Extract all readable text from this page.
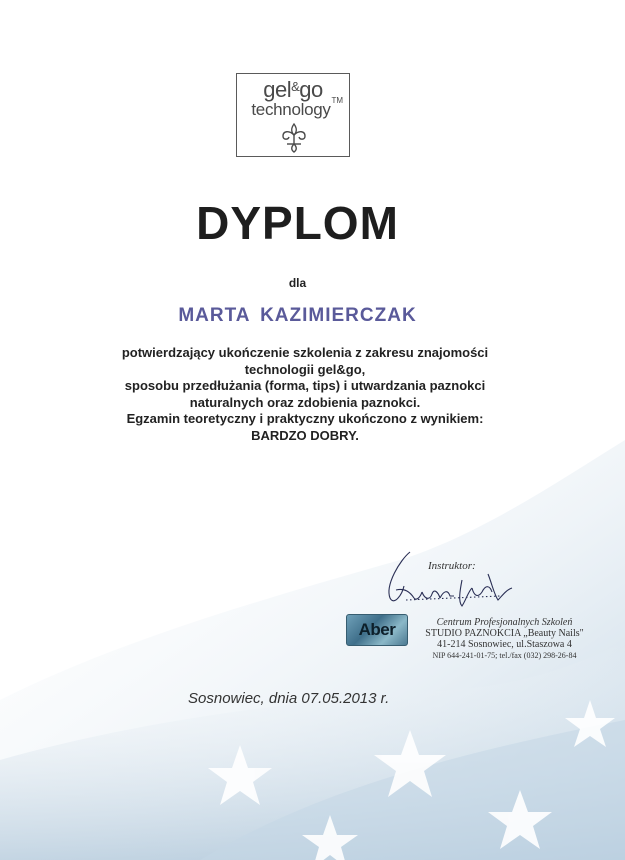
gel&go
technology TM
DYPLOM
dla
MARTA KAZIMIERCZAK
potwierdzający ukończenie szkolenia z zakresu znajomości
technologii gel&go,
sposobu przedłużania (forma, tips) i utwardzania paznokci
naturalnych oraz zdobienia paznokci.
Egzamin teoretyczny i praktyczny ukończono z wynikiem:
BARDZO DOBRY.
Instruktor:
Aber	Centrum Profesjonalnych Szkoleń
STUDIO PAZNOKCIA „Beauty Nails"
41-214 Sosnowiec, ul.Staszowa 4
NIP 644-241-01-75; tel./fax (032) 298-26-84
Sosnowiec, dnia 07.05.2013 r.
